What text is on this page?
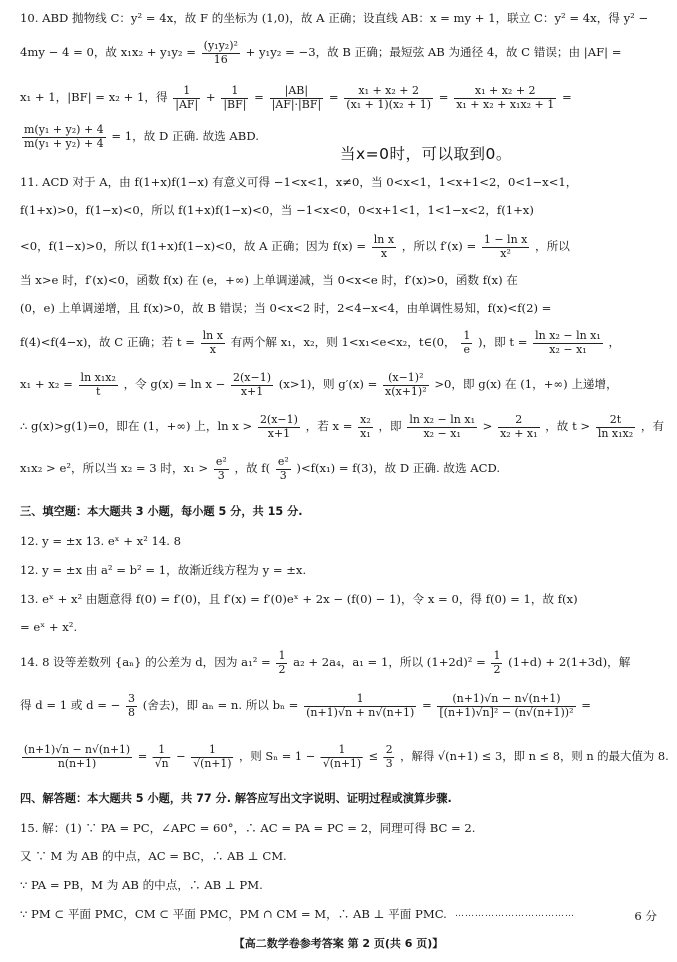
10. ABD 抛物线 C：y² = 4x，故 F 的坐标为 (1,0)，故 A 正确；设直线 AB：x = my + 1，联立 C：y² = 4x，得 y² −
4my − 4 = 0，故 $x_1x_2 + y_1y_2 = \frac{\text{(y₁y₂)²}}{16} + y_1y_2 = -3$，故 B 正确；最短弦 AB 为通径 4，故 C 错误；由 |AF| =
x₁ + 1，|BF| = x₂ + 1，得 $\frac{1}{|AF|} + \frac{1}{|BF|} = \frac{|AB|}{|AF|\cdot|BF|} = \frac{\text{x₁ + x₂ + 2}}{\text{(x₁ + 1)(x₂ + 1)}} = \frac{\text{x₁ + x₂ + 2}}{\text{x₁ + x₂ + x₁x₂ + 1}}$ =
$\frac{\text{m(y₁ + y₂) + 4}}{\text{m(y₁ + y₂) + 4}} = 1$，故 D 正确. 故选 ABD.
当x=0时，可以取到0。
11. ACD 对于 A，由 f(1+x)f(1−x) 有意义可得 −1<x<1，x≠0，当 0<x<1，1<x+1<2，0<1−x<1，
f(1+x)>0，f(1−x)<0，所以 f(1+x)f(1−x)<0，当 −1<x<0，0<x+1<1，1<1−x<2，f(1+x)
<0，f(1−x)>0，所以 f(1+x)f(1−x)<0，故 A 正确；因为 $f(x) = \frac{\text{ln x}}{x}$ ，所以 $f'(x) = \frac{\text{1 − ln x}}{\text{x²}}$ ，所以
当 x>e 时，f′(x)<0，函数 f(x) 在 (e，+∞) 上单调递减，当 0<x<e 时，f′(x)>0，函数 f(x) 在
(0，e) 上单调递增，且 f(x)>0，故 B 错误；当 0<x<2 时，2<4−x<4，由单调性易知，f(x)<f(2) =
f(4)<f(4−x)，故 C 正确；若 $t = \frac{\text{ln x}}{x}$ 有两个解 x₁，x₂，则 1<x₁<e<x₂，t∈(0， $\frac{1}{e}$ )，即 $t = \frac{\text{ln x₂ − ln x₁}}{\text{x₂ − x₁}}$ ，
$x_1 + x_2 = \frac{\text{ln x₁x₂}}{t}$ ，令 $g(x) = \ln x - \frac{2(x-1)}{x+1} (x>1)$，则 $g'(x) = \frac{\text{(x−1)²}}{\text{x(x+1)²}} >0$，即 g(x) 在 (1，+∞) 上递增，
∴ g(x)>g(1)=0，即在 (1，+∞) 上，$\ln x > \frac{2(x-1)}{x+1}$ ，若 $x = \frac{\text{x₂}}{\text{x₁}}$ ，即 $\frac{\text{ln x₂ − ln x₁}}{\text{x₂ − x₁}} > \frac{2}{\text{x₂ + x₁}}$ ，故 $t > \frac{2t}{\text{ln x₁x₂}}$ ，有
x₁x₂ > e²，所以当 x₂ = 3 时，$x_1 > \frac{\text{e²}}{3}$ ，故 $f( \frac{\text{e²}}{3} )<f(x_1) = f(3)$，故 D 正确. 故选 ACD.
三、填空题：本大题共 3 小题，每小题 5 分，共 15 分.
12. y = ±x 13. eˣ + x² 14. 8
12. y = ±x 由 a² = b² = 1，故渐近线方程为 y = ±x.
13. eˣ + x² 由题意得 f(0) = f′(0)，且 f′(x) = f′(0)eˣ + 2x − (f(0) − 1)，令 x = 0，得 f(0) = 1，故 f(x)
= eˣ + x².
14. 8 设等差数列 {aₙ} 的公差为 d，因为 $a_1^2 = \frac{1}{2} a_2 + 2a_4$，a₁ = 1，所以 $(1+2d)^2 = \frac{1}{2} (1+d) + 2(1+3d)$，解
得 d = 1 或 d = − $\frac{3}{8}$ (舍去)，即 aₙ = n. 所以 $b_n = \frac{1}{(n+1)√n + n√(n+1)} = \frac{(n+1)√n - n√(n+1)}{\text{[(n+1)√n]² − (n√(n+1))²}}$ =
$\frac{(n+1)√n - n√(n+1)}{n(n+1)} = \frac{1}{√n} - \frac{1}{√(n+1)}$ ，则 $S_n = 1 - \frac{1}{√(n+1)} \le \frac{2}{3}$ ，解得 √(n+1) ≤ 3，即 n ≤ 8，则 n 的最大值为 8.
四、解答题：本大题共 5 小题，共 77 分. 解答应写出文字说明、证明过程或演算步骤.
15. 解：(1) ∵ PA = PC，∠APC = 60°，∴ AC = PA = PC = 2，同理可得 BC = 2.
又 ∵ M 为 AB 的中点，AC = BC，∴ AB ⊥ CM.
∵ PA = PB，M 为 AB 的中点，∴ AB ⊥ PM.
∵ PM ⊂ 平面 PMC，CM ⊂ 平面 PMC，PM ∩ CM = M，∴ AB ⊥ 平面 PMC. ………………………………	6 分
【高二数学卷参考答案 第 2 页(共 6 页)】
